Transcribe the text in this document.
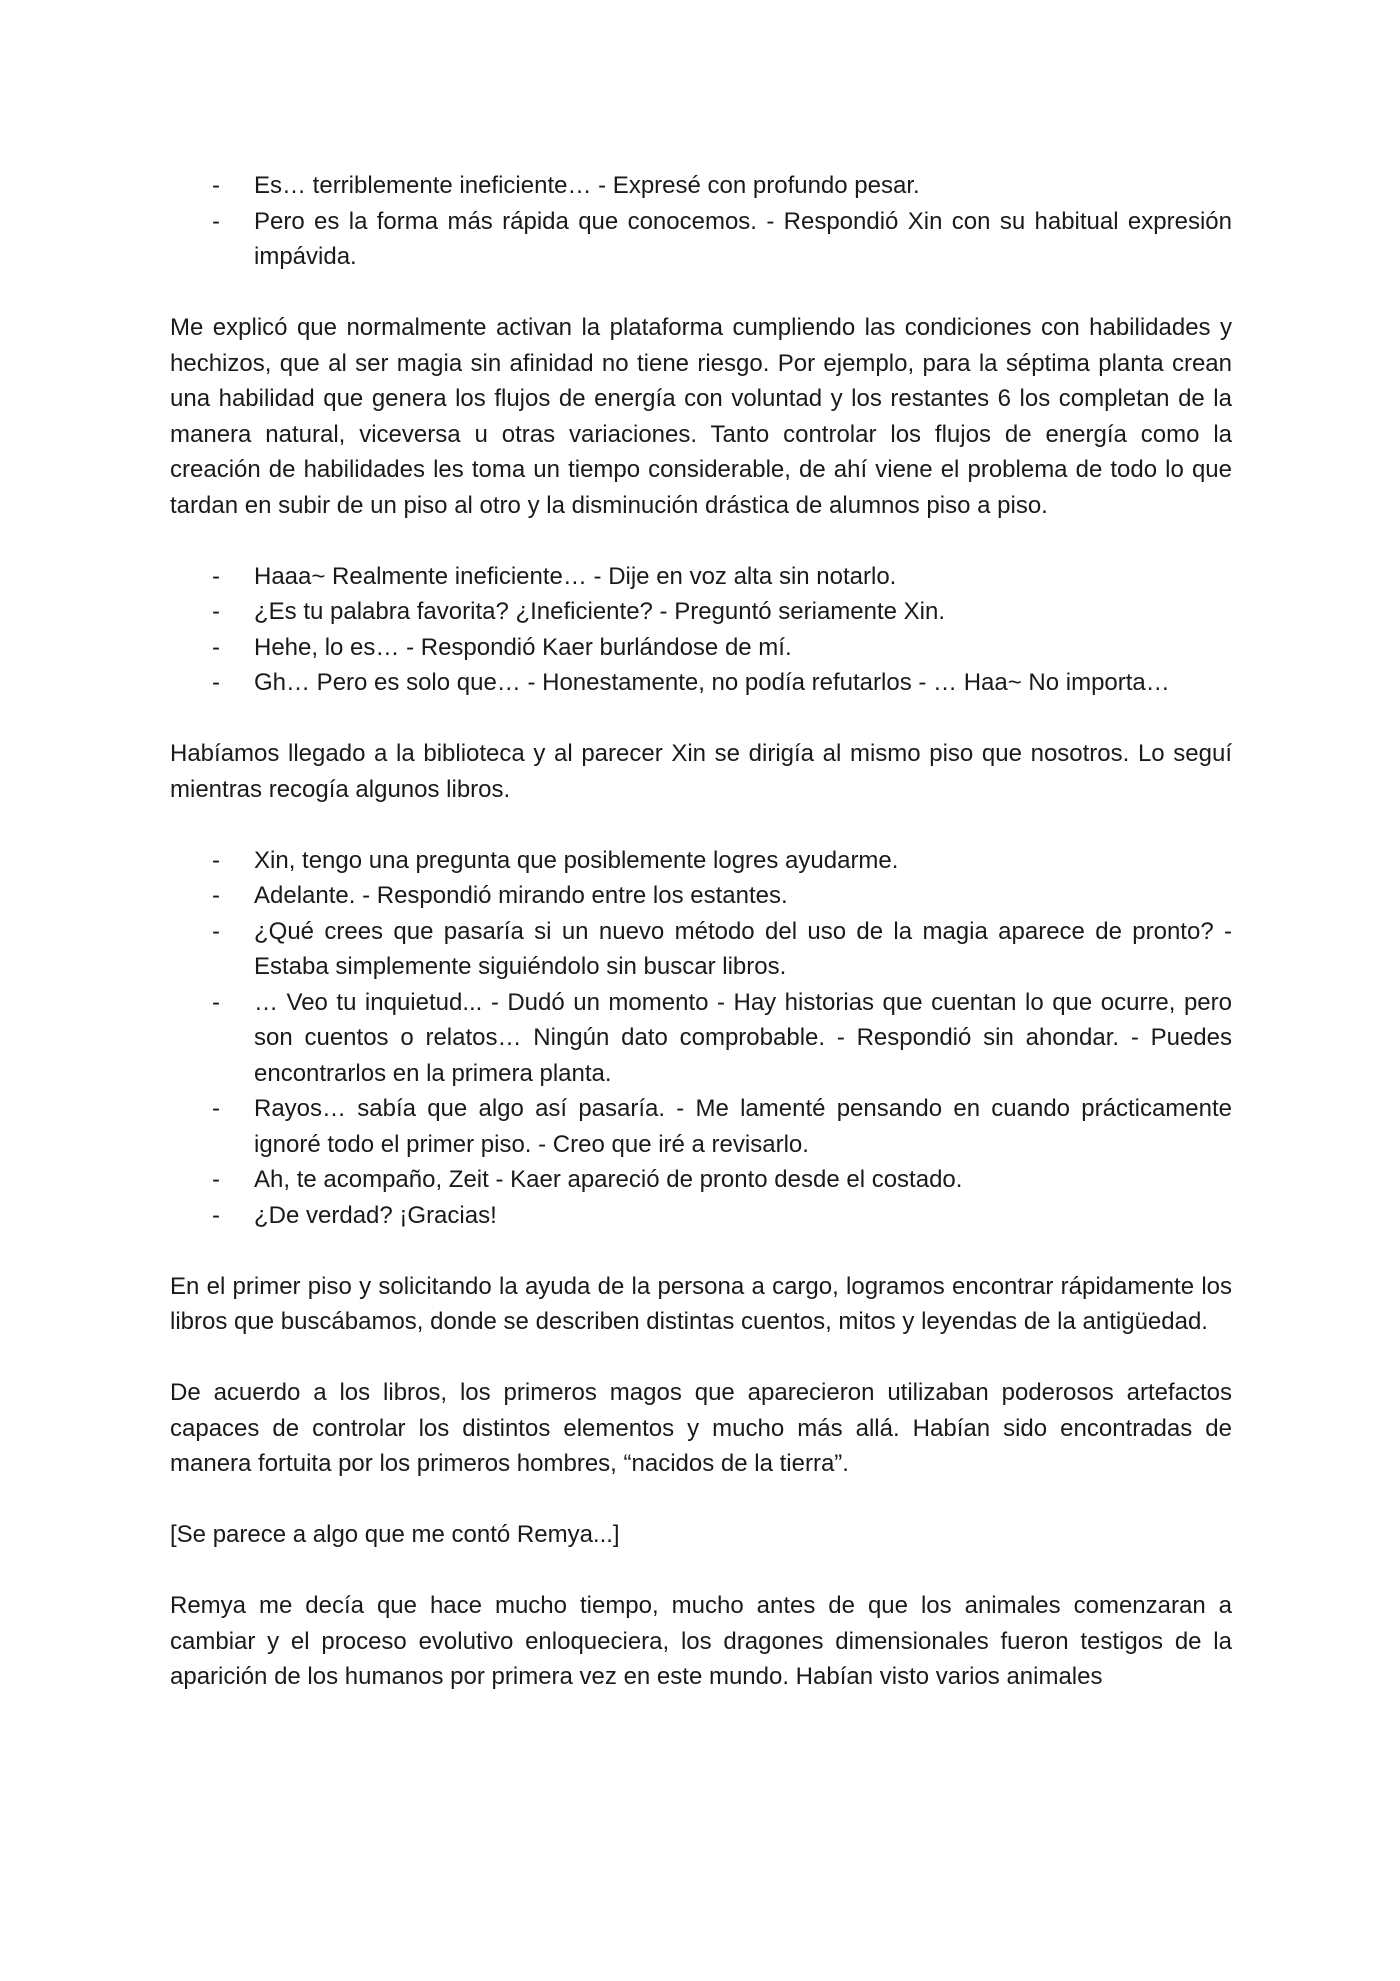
- Es… terriblemente ineficiente… - Expresé con profundo pesar.
- Pero es la forma más rápida que conocemos. - Respondió Xin con su habitual expresión impávida.

Me explicó que normalmente activan la plataforma cumpliendo las condiciones con habilidades y hechizos, que al ser magia sin afinidad no tiene riesgo. Por ejemplo, para la séptima planta crean una habilidad que genera los flujos de energía con voluntad y los restantes 6 los completan de la manera natural, viceversa u otras variaciones. Tanto controlar los flujos de energía como la creación de habilidades les toma un tiempo considerable, de ahí viene el problema de todo lo que tardan en subir de un piso al otro y la disminución drástica de alumnos piso a piso.

- Haaa~ Realmente ineficiente… - Dije en voz alta sin notarlo.
- ¿Es tu palabra favorita? ¿Ineficiente? - Preguntó seriamente Xin.
- Hehe, lo es… - Respondió Kaer burlándose de mí.
- Gh… Pero es solo que… - Honestamente, no podía refutarlos - … Haa~ No importa…

Habíamos llegado a la biblioteca y al parecer Xin se dirigía al mismo piso que nosotros. Lo seguí mientras recogía algunos libros.

- Xin, tengo una pregunta que posiblemente logres ayudarme.
- Adelante. - Respondió mirando entre los estantes.
- ¿Qué crees que pasaría si un nuevo método del uso de la magia aparece de pronto? - Estaba simplemente siguiéndolo sin buscar libros.
- … Veo tu inquietud... - Dudó un momento - Hay historias que cuentan lo que ocurre, pero son cuentos o relatos… Ningún dato comprobable. - Respondió sin ahondar. - Puedes encontrarlos en la primera planta.
- Rayos… sabía que algo así pasaría. - Me lamenté pensando en cuando prácticamente ignoré todo el primer piso. - Creo que iré a revisarlo.
- Ah, te acompaño, Zeit - Kaer apareció de pronto desde el costado.
- ¿De verdad? ¡Gracias!

En el primer piso y solicitando la ayuda de la persona a cargo, logramos encontrar rápidamente los libros que buscábamos, donde se describen distintas cuentos, mitos y leyendas de la antigüedad.

De acuerdo a los libros, los primeros magos que aparecieron utilizaban poderosos artefactos capaces de controlar los distintos elementos y mucho más allá. Habían sido encontradas de manera fortuita por los primeros hombres, “nacidos de la tierra”.

[Se parece a algo que me contó Remya...]

Remya me decía que hace mucho tiempo, mucho antes de que los animales comenzaran a cambiar y el proceso evolutivo enloqueciera, los dragones dimensionales fueron testigos de la aparición de los humanos por primera vez en este mundo. Habían visto varios animales
